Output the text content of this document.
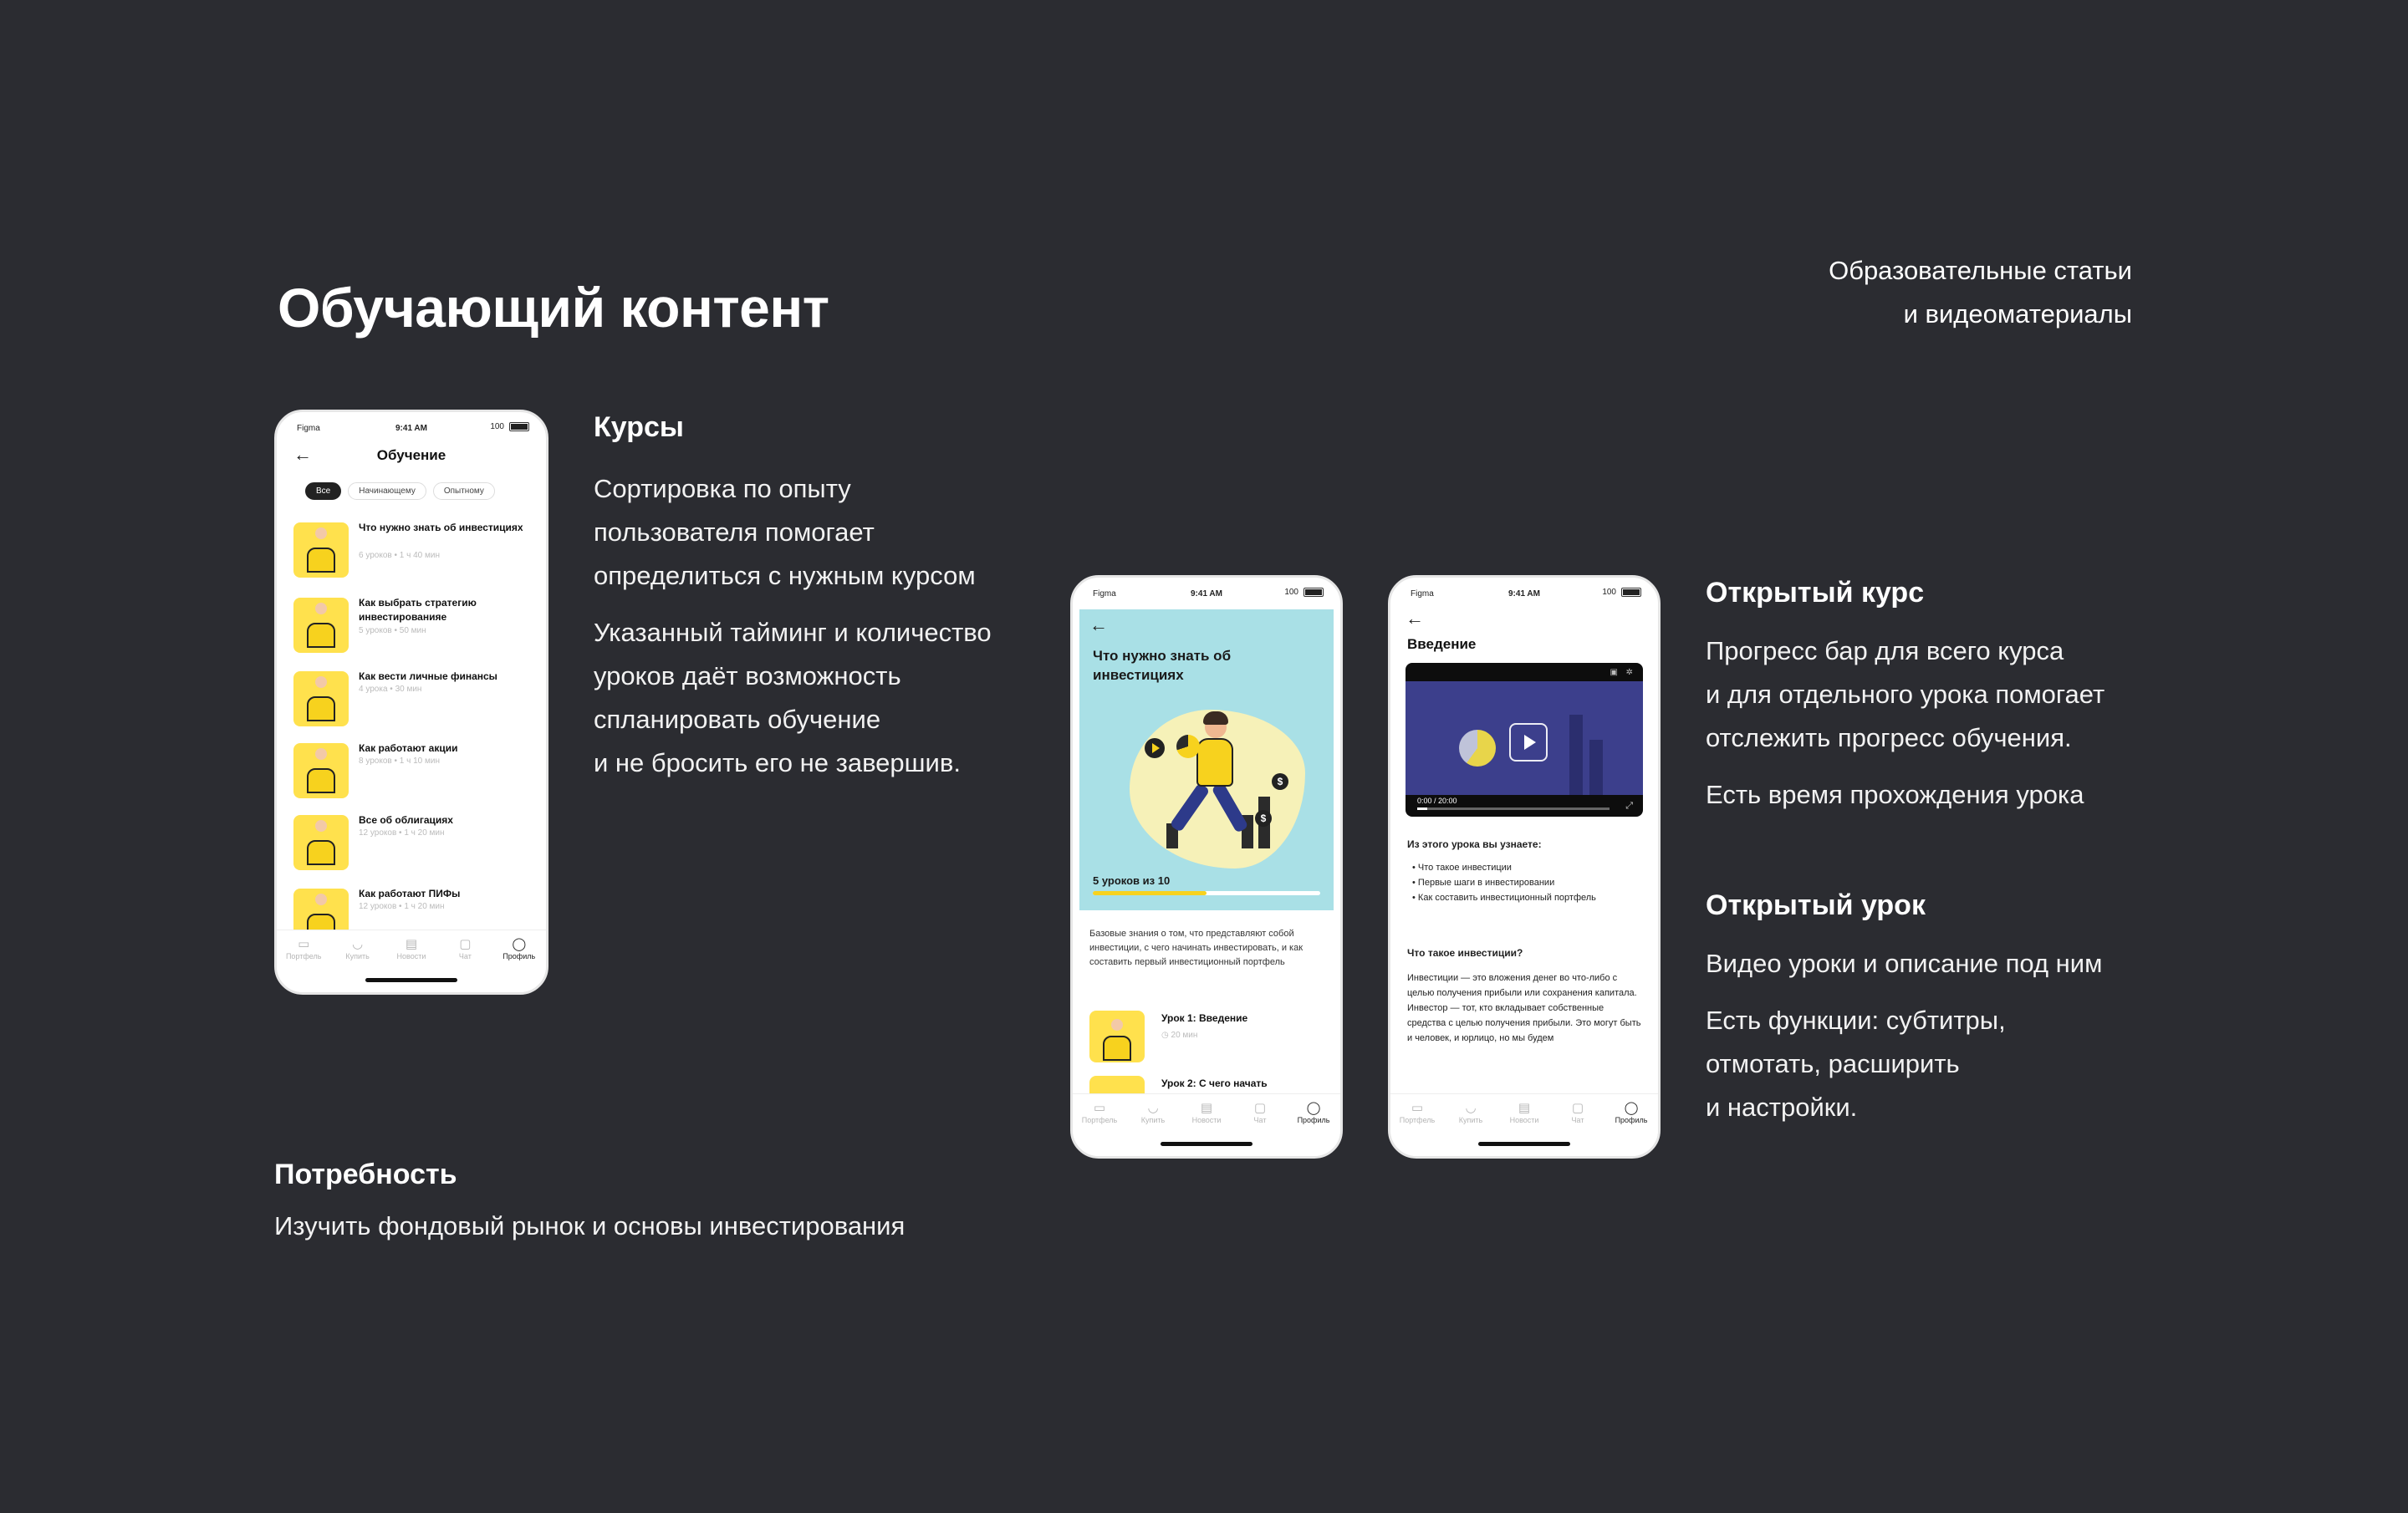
Обучающий контент
Образовательные статьи
и видеоматериалы
Курсы
Сортировка по опыту
пользователя помогает
определиться с нужным курсом
Указанный тайминг и количество
уроков даёт возможность
спланировать обучение
и не бросить его не завершив.
Потребность
Изучить фондовый рынок и основы инвестирования
Открытый курс
Прогресс бар для всего курса
и для отдельного урока помогает
отслежить прогресс обучения.
Есть время прохождения урока
Открытый урок
Видео уроки и описание под ним
Есть функции: субтитры,
отмотать, расширить
и настройки.
Figma	9:41 AM	100
←	Обучение
Все	Начинающему	Опытному
Что нужно знать об инвестициях
6 уроков • 1 ч 40 мин
Как выбрать стратегию инвестированияе
5 уроков • 50 мин
Как вести личные финансы
4 урока • 30 мин
Как работают акции
8 уроков • 1 ч 10 мин
Все об облигациях
12 уроков • 1 ч 20 мин
Как работают ПИФы
12 уроков • 1 ч 20 мин
▭
Портфель
◡
Купить
▤
Новости
▢
Чат
◯
Профиль
Figma	9:41 AM	100
←
Что нужно знать об инвестициях
$
$
5 уроков из 10
Базовые знания о том, что представляют собой инвестиции, с чего начинать инвестировать, и как составить первый инвестиционный портфель
Урок 1: Введение
◷ 20 мин
Урок 2: С чего начать
▭
Портфель
◡
Купить
▤
Новости
▢
Чат
◯
Профиль
Figma	9:41 AM	100
←
Введение
▣ ✲
0:00 / 20:00	⤢
Из этого урока вы узнаете:
• Что такое инвестиции
• Первые шаги в инвестировании
• Как составить инвестиционный портфель
Что такое инвестиции?
Инвестиции — это вложения денег во что-либо с целью получения прибыли или сохранения капитала. Инвестор — тот, кто вкладывает собственные средства с целью получения прибыли. Это могут быть и человек, и юрлицо, но мы будем
▭
Портфель
◡
Купить
▤
Новости
▢
Чат
◯
Профиль
